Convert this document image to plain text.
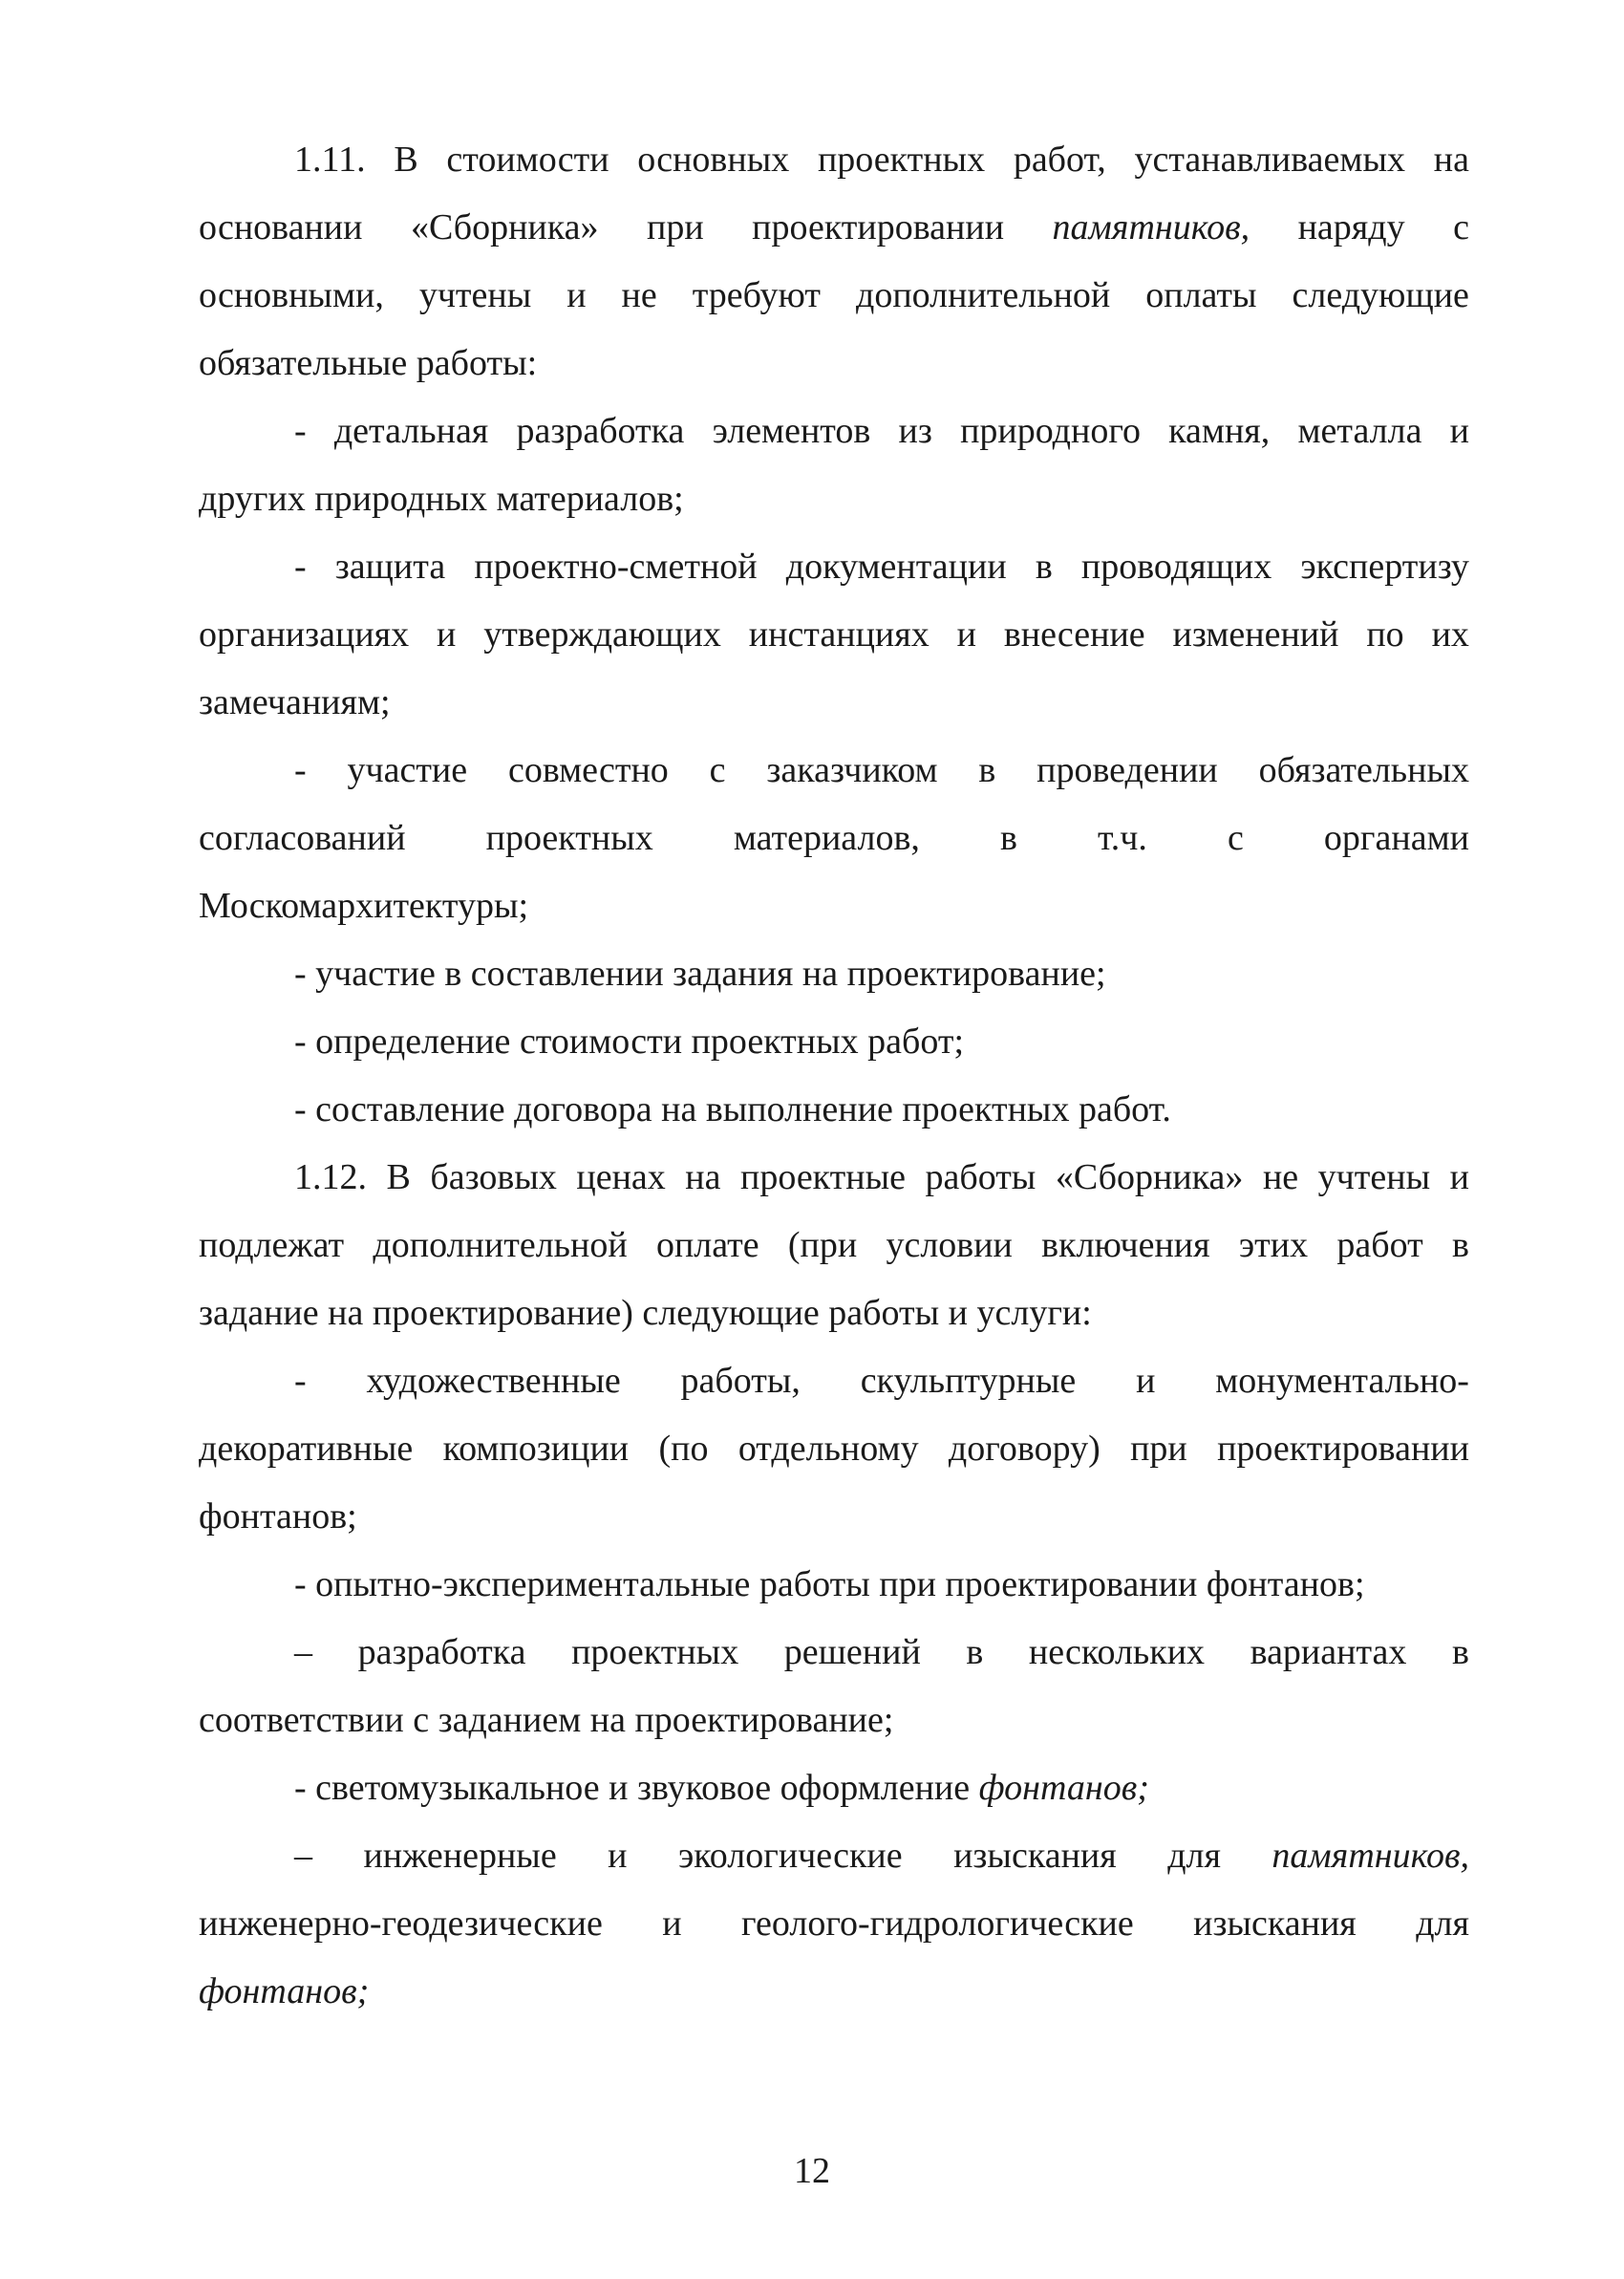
1.11. В стоимости основных проектных работ, устанавливаемых на
основании «Сборника» при проектировании памятников, наряду с
основными, учтены и не требуют дополнительной оплаты следующие
обязательные работы:
- детальная разработка элементов из природного камня, металла и
других природных материалов;
- защита проектно-сметной документации в проводящих экспертизу
организациях и утверждающих инстанциях и внесение изменений по их
замечаниям;
- участие совместно с заказчиком в проведении обязательных
согласований проектных материалов, в т.ч. с органами
Москомархитектуры;
- участие в составлении задания на проектирование;
- определение стоимости проектных работ;
- составление договора на выполнение проектных работ.
1.12. В базовых ценах на проектные работы «Сборника» не учтены и
подлежат дополнительной оплате (при условии включения этих работ в
задание на проектирование) следующие работы и услуги:
- художественные работы, скульптурные и монументально-
декоративные композиции (по отдельному договору) при проектировании
фонтанов;
- опытно-экспериментальные работы при проектировании фонтанов;
– разработка проектных решений в нескольких вариантах в
соответствии с заданием на проектирование;
- светомузыкальное и звуковое оформление фонтанов;
– инженерные и экологические изыскания для памятников,
инженерно-геодезические и геолого-гидрологические изыскания для
фонтанов;
12
